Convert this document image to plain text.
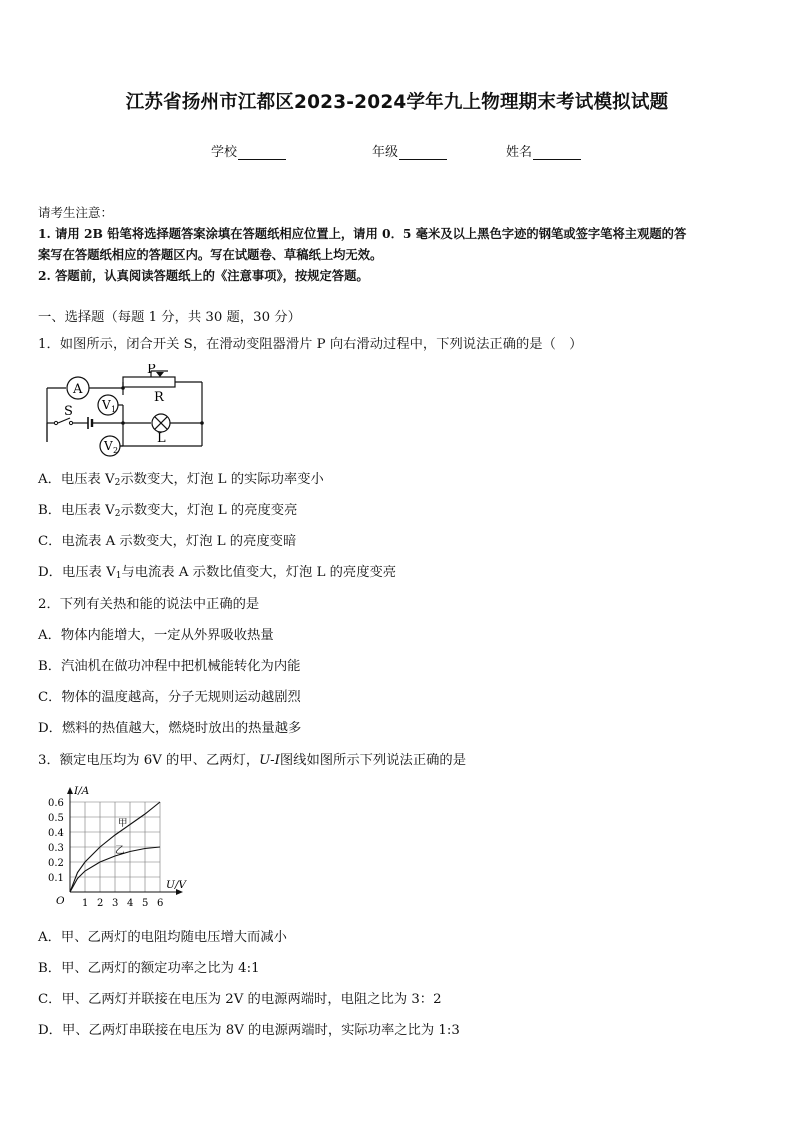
江苏省扬州市江都区2023-2024学年九上物理期末考试模拟试题
学校	年级	姓名
请考生注意：
1. 请用 2B 铅笔将选择题答案涂填在答题纸相应位置上，请用 0．5 毫米及以上黑色字迹的钢笔或签字笔将主观题的答
案写在答题纸相应的答题区内。写在试题卷、草稿纸上均无效。
2. 答题前，认真阅读答题纸上的《注意事项》，按规定答题。
一、选择题（每题 1 分，共 30 题，30 分）
1．如图所示，闭合开关 S，在滑动变阻器滑片 P 向右滑动过程中，下列说法正确的是（　）
A
P
R
S V 1
L
V 2
A．电压表 $V_2$示数变大，灯泡 L 的实际功率变小
B．电压表 $V_2$示数变大，灯泡 L 的亮度变亮
C．电流表 A 示数变大，灯泡 L 的亮度变暗
D．电压表 $V_1$与电流表 A 示数比值变大，灯泡 L 的亮度变亮
2．下列有关热和能的说法中正确的是
A．物体内能增大，一定从外界吸收热量
B．汽油机在做功冲程中把机械能转化为内能
C．物体的温度越高，分子无规则运动越剧烈
D．燃料的热值越大，燃烧时放出的热量越多
3．额定电压均为 6V 的甲、乙两灯，U-I图线如图所示下列说法正确的是
1 2 3 4 5 6
0.1
0.2
0.3
0.4
0.5
0.6
I/A
U/V
O
甲
乙
A．甲、乙两灯的电阻均随电压增大而减小
B．甲、乙两灯的额定功率之比为 4:1
C．甲、乙两灯并联接在电压为 2V 的电源两端时，电阻之比为 3：2
D．甲、乙两灯串联接在电压为 8V 的电源两端时，实际功率之比为 1:3
